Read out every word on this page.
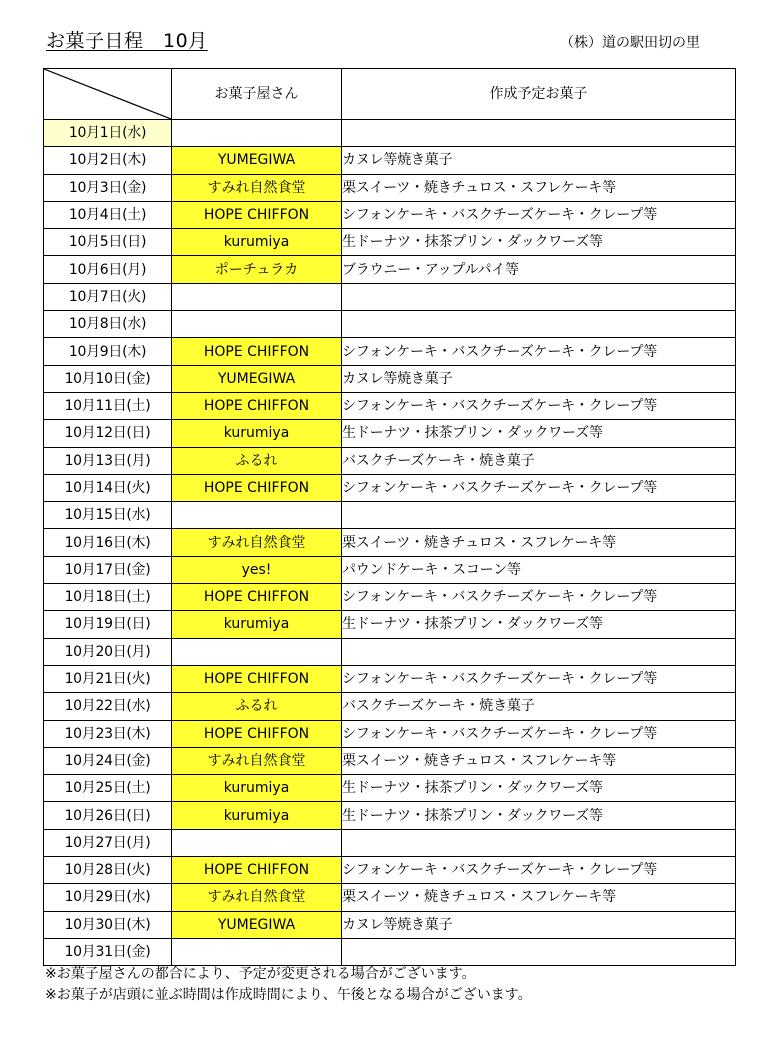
お菓子日程　10月	（株）道の駅田切の里
	お菓子屋さん	作成予定お菓子
10月1日(水)		
10月2日(木)	YUMEGIWA	カヌレ等焼き菓子
10月3日(金)	すみれ自然食堂	栗スイーツ・焼きチュロス・スフレケーキ等
10月4日(土)	HOPE CHIFFON	シフォンケーキ・バスクチーズケーキ・クレープ等
10月5日(日)	kurumiya	生ドーナツ・抹茶プリン・ダックワーズ等
10月6日(月)	ポーチュラカ	ブラウニー・アップルパイ等
10月7日(火)		
10月8日(水)		
10月9日(木)	HOPE CHIFFON	シフォンケーキ・バスクチーズケーキ・クレープ等
10月10日(金)	YUMEGIWA	カヌレ等焼き菓子
10月11日(土)	HOPE CHIFFON	シフォンケーキ・バスクチーズケーキ・クレープ等
10月12日(日)	kurumiya	生ドーナツ・抹茶プリン・ダックワーズ等
10月13日(月)	ふるれ	バスクチーズケーキ・焼き菓子
10月14日(火)	HOPE CHIFFON	シフォンケーキ・バスクチーズケーキ・クレープ等
10月15日(水)		
10月16日(木)	すみれ自然食堂	栗スイーツ・焼きチュロス・スフレケーキ等
10月17日(金)	yes!	パウンドケーキ・スコーン等
10月18日(土)	HOPE CHIFFON	シフォンケーキ・バスクチーズケーキ・クレープ等
10月19日(日)	kurumiya	生ドーナツ・抹茶プリン・ダックワーズ等
10月20日(月)		
10月21日(火)	HOPE CHIFFON	シフォンケーキ・バスクチーズケーキ・クレープ等
10月22日(水)	ふるれ	バスクチーズケーキ・焼き菓子
10月23日(木)	HOPE CHIFFON	シフォンケーキ・バスクチーズケーキ・クレープ等
10月24日(金)	すみれ自然食堂	栗スイーツ・焼きチュロス・スフレケーキ等
10月25日(土)	kurumiya	生ドーナツ・抹茶プリン・ダックワーズ等
10月26日(日)	kurumiya	生ドーナツ・抹茶プリン・ダックワーズ等
10月27日(月)		
10月28日(火)	HOPE CHIFFON	シフォンケーキ・バスクチーズケーキ・クレープ等
10月29日(水)	すみれ自然食堂	栗スイーツ・焼きチュロス・スフレケーキ等
10月30日(木)	YUMEGIWA	カヌレ等焼き菓子
10月31日(金)		
※お菓子屋さんの都合により、予定が変更される場合がございます。
※お菓子が店頭に並ぶ時間は作成時間により、午後となる場合がございます。
